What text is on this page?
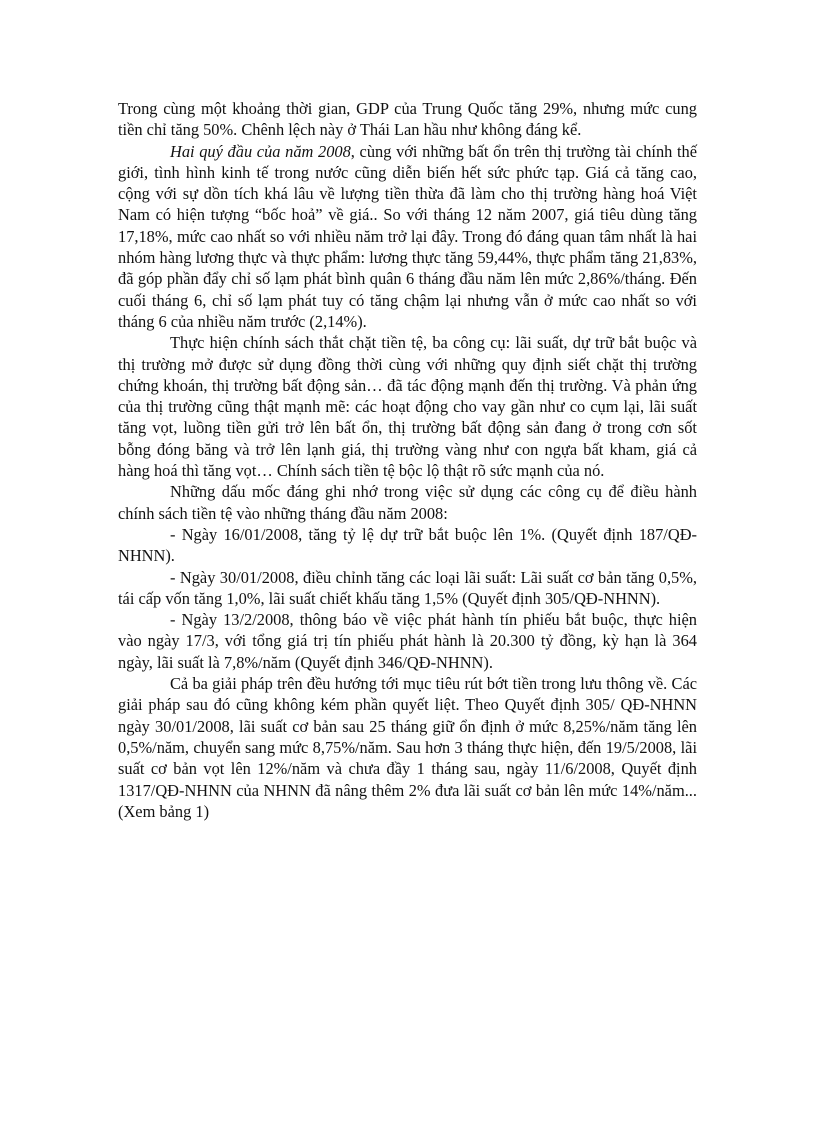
Trong cùng một khoảng thời gian, GDP của Trung Quốc tăng 29%, nhưng mức cung tiền chỉ tăng 50%. Chênh lệch này ở Thái Lan hầu như không đáng kể.

Hai quý đầu của năm 2008, cùng với những bất ổn trên thị trường tài chính thế giới, tình hình kinh tế trong nước cũng diễn biến hết sức phức tạp. Giá cả tăng cao, cộng với sự dồn tích khá lâu về lượng tiền thừa đã làm cho thị trường hàng hoá Việt Nam có hiện tượng “bốc hoả” về giá.. So với tháng 12 năm 2007, giá tiêu dùng tăng 17,18%, mức cao nhất so với nhiều năm trở lại đây. Trong đó đáng quan tâm nhất là hai nhóm hàng lương thực và thực phẩm: lương thực tăng 59,44%, thực phẩm tăng 21,83%, đã góp phần đẩy chỉ số lạm phát bình quân 6 tháng đầu năm lên mức 2,86%/tháng. Đến cuối tháng 6, chỉ số lạm phát tuy có tăng chậm lại nhưng vẫn ở mức cao nhất so với tháng 6 của nhiều năm trước (2,14%).

Thực hiện chính sách thắt chặt tiền tệ, ba công cụ: lãi suất, dự trữ bắt buộc và thị trường mở được sử dụng đồng thời cùng với những quy định siết chặt thị trường chứng khoán, thị trường bất động sản… đã tác động mạnh đến thị trường. Và phản ứng của thị trường cũng thật mạnh mẽ: các hoạt động cho vay gần như co cụm lại, lãi suất tăng vọt, luồng tiền gửi trở lên bất ổn, thị trường bất động sản đang ở trong cơn sốt bỗng đóng băng và trở lên lạnh giá, thị trường vàng như con ngựa bất kham, giá cả hàng hoá thì tăng vọt… Chính sách tiền tệ bộc lộ thật rõ sức mạnh của nó.

Những dấu mốc đáng ghi nhớ trong việc sử dụng các công cụ để điều hành chính sách tiền tệ vào những tháng đầu năm 2008:

- Ngày 16/01/2008, tăng tỷ lệ dự trữ bắt buộc lên 1%. (Quyết định 187/QĐ-NHNN).

- Ngày 30/01/2008, điều chỉnh tăng các loại lãi suất: Lãi suất cơ bản tăng 0,5%, tái cấp vốn tăng 1,0%, lãi suất chiết khấu tăng 1,5% (Quyết định 305/QĐ-NHNN).

- Ngày 13/2/2008, thông báo về việc phát hành tín phiếu bắt buộc, thực hiện vào ngày 17/3, với tổng giá trị tín phiếu phát hành là 20.300 tỷ đồng, kỳ hạn là 364 ngày, lãi suất là 7,8%/năm (Quyết định 346/QĐ-NHNN).

Cả ba giải pháp trên đều hướng tới mục tiêu rút bớt tiền trong lưu thông về. Các giải pháp sau đó cũng không kém phần quyết liệt. Theo Quyết định 305/ QĐ-NHNN ngày 30/01/2008, lãi suất cơ bản sau 25 tháng giữ ổn định ở mức 8,25%/năm tăng lên 0,5%/năm, chuyển sang mức 8,75%/năm. Sau hơn 3 tháng thực hiện, đến 19/5/2008, lãi suất cơ bản vọt lên 12%/năm và chưa đầy 1 tháng sau, ngày 11/6/2008, Quyết định 1317/QĐ-NHNN của NHNN đã nâng thêm 2% đưa lãi suất cơ bản lên mức 14%/năm...(Xem bảng 1)
